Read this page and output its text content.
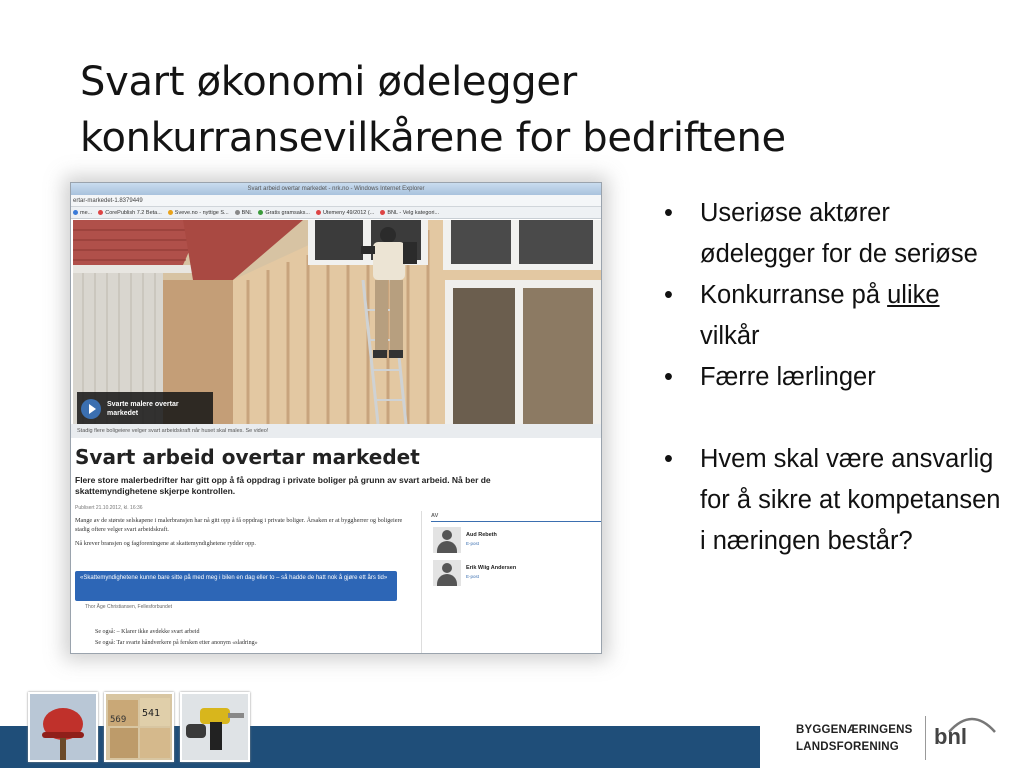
Svart økonomi ødelegger
konkurransevilkårene for bedriftene
Svart arbeid overtar markedet - nrk.no - Windows Internet Explorer
ertar-markedet-1.8379449
me... CorePublish 7.2 Beta... Sveve.no - nyttige S... BNL Gratis gramsaks... Utemeny 49/2012 (... BNL - Velg kategori...
Svarte malere overtar markedet
Stadig flere boligeiere velger svart arbeidskraft når huset skal males. Se video!
Svart arbeid overtar markedet
Flere store malerbedrifter har gitt opp å få oppdrag i private boliger på grunn av svart arbeid. Nå ber de skattemyndighetene skjerpe kontrollen.
Publisert 21.10.2012, kl. 16:36
Mange av de største selskapene i malerbransjen har nå gitt opp å få oppdrag i private boliger. Årsaken er at byggherrer og boligeiere stadig oftere velger svart arbeidskraft.
Nå krever bransjen og fagforeningene at skattemyndighetene rydder opp.
«Skattemyndighetene kunne bare sitte på med meg i bilen en dag eller to – så hadde de hatt nok å gjøre ett års tid»
Thor Åge Christiansen, Fellesforbundet
Se også: – Klarer ikke avdekke svart arbeid
Se også: Tar svarte håndverkere på fersken etter anonym «sladring»
AV
Aud Rebeth
E-post
Erik Wiig Andersen
E-post
• Useriøse aktører ødelegger for de seriøse
• Konkurranse på ulike vilkår
• Færre lærlinger
• Hvem skal være ansvarlig for å sikre at kompetansen i næringen består?
541
569
BYGGENÆRINGENS
LANDSFORENING	bnl
